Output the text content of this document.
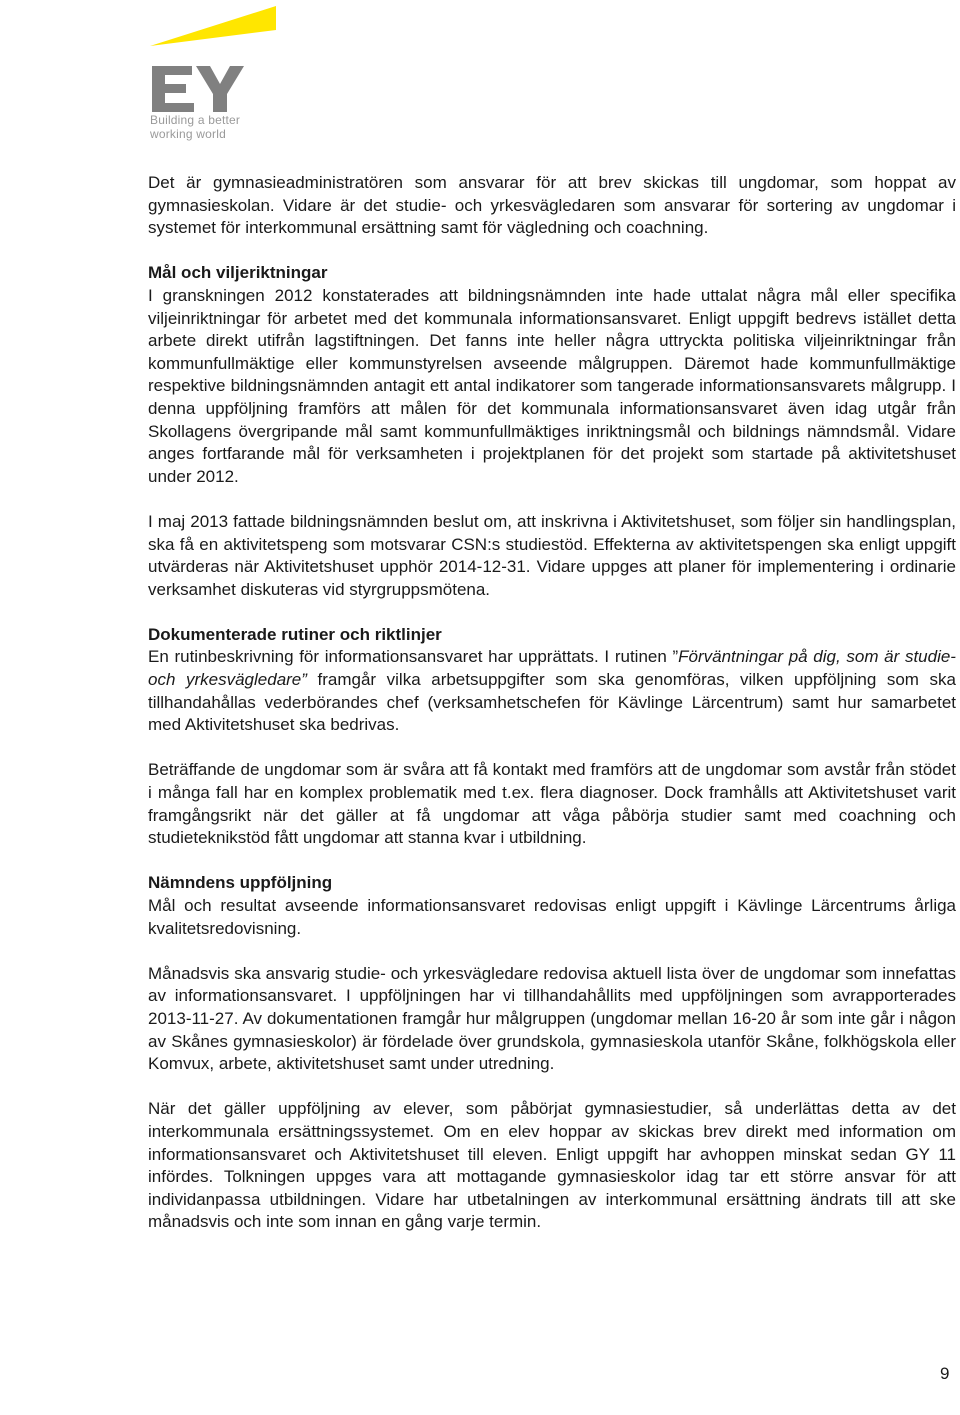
Building a better
working world

Det är gymnasieadministratören som ansvarar för att brev skickas till ungdomar, som hoppat av gymnasieskolan. Vidare är det studie- och yrkesvägledaren som ansvarar för sortering av ungdomar i systemet för interkommunal ersättning samt för vägledning och coachning.

Mål och viljeriktningar

I granskningen 2012 konstaterades att bildningsnämnden inte hade uttalat några mål eller specifika viljeinriktningar för arbetet med det kommunala informationsansvaret. Enligt uppgift bedrevs istället detta arbete direkt utifrån lagstiftningen. Det fanns inte heller några uttryckta politiska viljeinriktningar från kommunfullmäktige eller kommunstyrelsen avseende målgruppen. Däremot hade kommunfullmäktige respektive bildningsnämnden antagit ett antal indikatorer som tangerade informationsansvarets målgrupp. I denna uppföljning framförs att målen för det kommunala informationsansvaret även idag utgår från Skollagens övergripande mål samt kommunfullmäktiges inriktningsmål och bildnings nämndsmål. Vidare anges fortfarande mål för verksamheten i projektplanen för det projekt som startade på aktivitetshuset under 2012.

I maj 2013 fattade bildningsnämnden beslut om, att inskrivna i Aktivitetshuset, som följer sin handlingsplan, ska få en aktivitetspeng som motsvarar CSN:s studiestöd. Effekterna av aktivitetspengen ska enligt uppgift utvärderas när Aktivitetshuset upphör 2014-12-31. Vidare uppges att planer för implementering i ordinarie verksamhet diskuteras vid styrgruppsmötena.

Dokumenterade rutiner och riktlinjer

En rutinbeskrivning för informationsansvaret har upprättats. I rutinen ”Förväntningar på dig, som är studie- och yrkesvägledare” framgår vilka arbetsuppgifter som ska genomföras, vilken uppföljning som ska tillhandahållas vederbörandes chef (verksamhetschefen för Kävlinge Lärcentrum) samt hur samarbetet med Aktivitetshuset ska bedrivas.

Beträffande de ungdomar som är svåra att få kontakt med framförs att de ungdomar som avstår från stödet i många fall har en komplex problematik med t.ex. flera diagnoser. Dock framhålls att Aktivitetshuset varit framgångsrikt när det gäller at få ungdomar att våga påbörja studier samt med coachning och studieteknikstöd fått ungdomar att stanna kvar i utbildning.

Nämndens uppföljning

Mål och resultat avseende informationsansvaret redovisas enligt uppgift i Kävlinge Lärcentrums årliga kvalitetsredovisning.

Månadsvis ska ansvarig studie- och yrkesvägledare redovisa aktuell lista över de ungdomar som innefattas av informationsansvaret. I uppföljningen har vi tillhandahållits med uppföljningen som avrapporterades 2013-11-27. Av dokumentationen framgår hur målgruppen (ungdomar mellan 16-20 år som inte går i någon av Skånes gymnasieskolor) är fördelade över grundskola, gymnasieskola utanför Skåne, folkhögskola eller Komvux, arbete, aktivitetshuset samt under utredning.

När det gäller uppföljning av elever, som påbörjat gymnasiestudier, så underlättas detta av det interkommunala ersättningssystemet. Om en elev hoppar av skickas brev direkt med information om informationsansvaret och Aktivitetshuset till eleven. Enligt uppgift har avhoppen minskat sedan GY 11 infördes. Tolkningen uppges vara att mottagande gymnasieskolor idag tar ett större ansvar för att individanpassa utbildningen. Vidare har utbetalningen av interkommunal ersättning ändrats till att ske månadsvis och inte som innan en gång varje termin.

9
